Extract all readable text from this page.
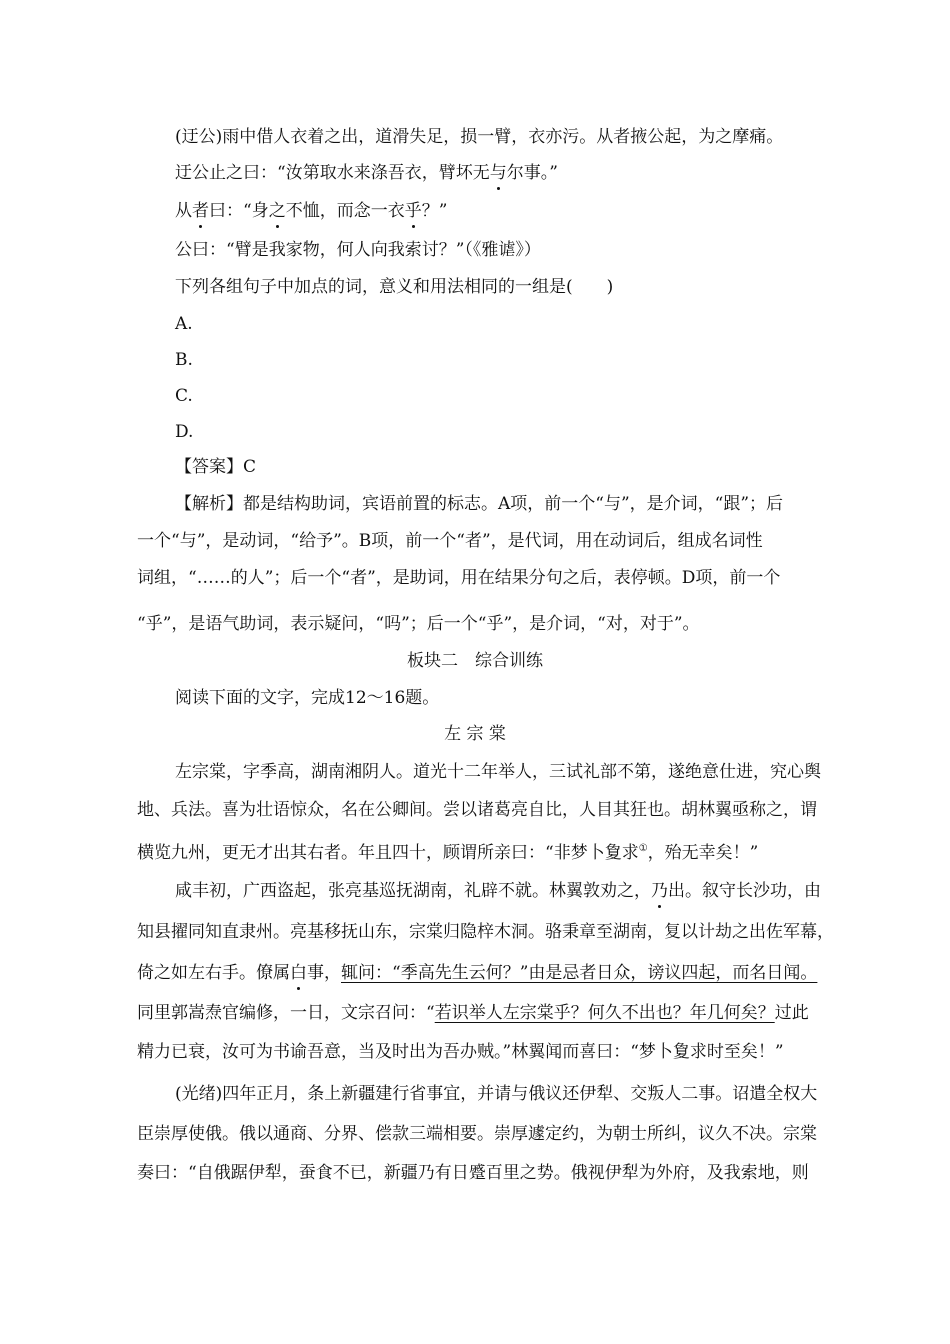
(迂公)雨中借人衣着之出，道滑失足，损一臂，衣亦污。从者掖公起，为之摩痛。
迂公止之曰：“汝第取水来涤吾衣，臂坏无与尔事。”
从者曰：“身之不恤，而念一衣乎？”
公曰：“臂是我家物，何人向我索讨？”（《雅谑》）
下列各组句子中加点的词，意义和用法相同的一组是(　　)
A.
B.
C.
D.
【答案】C
【解析】都是结构助词，宾语前置的标志。A项，前一个“与”，是介词，“跟”；后
一个“与”，是动词，“给予”。B项，前一个“者”，是代词，用在动词后，组成名词性
词组，“……的人”；后一个“者”，是助词，用在结果分句之后，表停顿。D项，前一个
“乎”，是语气助词，表示疑问，“吗”；后一个“乎”，是介词，“对，对于”。
板块二　综合训练
阅读下面的文字，完成12～16题。
左 宗 棠
左宗棠，字季高，湖南湘阴人。道光十二年举人，三试礼部不第，遂绝意仕进，究心舆
地、兵法。喜为壮语惊众，名在公卿间。尝以诸葛亮自比，人目其狂也。胡林翼亟称之，谓
横览九州，更无才出其右者。年且四十，顾谓所亲曰：“非梦卜夐求①，殆无幸矣！”
咸丰初，广西盗起，张亮基巡抚湖南，礼辟不就。林翼敦劝之，乃出。叙守长沙功，由
知县擢同知直隶州。亮基移抚山东，宗棠归隐梓木洞。骆秉章至湖南，复以计劫之出佐军幕，
倚之如左右手。僚属白事，辄问：“季高先生云何？”由是忌者日众，谤议四起，而名日闻。
同里郭嵩焘官编修，一日，文宗召问：“若识举人左宗棠乎？何久不出也？年几何矣？过此
精力已衰，汝可为书谕吾意，当及时出为吾办贼。”林翼闻而喜曰：“梦卜夐求时至矣！”
(光绪)四年正月，条上新疆建行省事宜，并请与俄议还伊犁、交叛人二事。诏遣全权大
臣崇厚使俄。俄以通商、分界、偿款三端相要。崇厚遽定约，为朝士所纠，议久不决。宗棠
奏曰：“自俄踞伊犁，蚕食不已，新疆乃有日蹙百里之势。俄视伊犁为外府，及我索地，则
